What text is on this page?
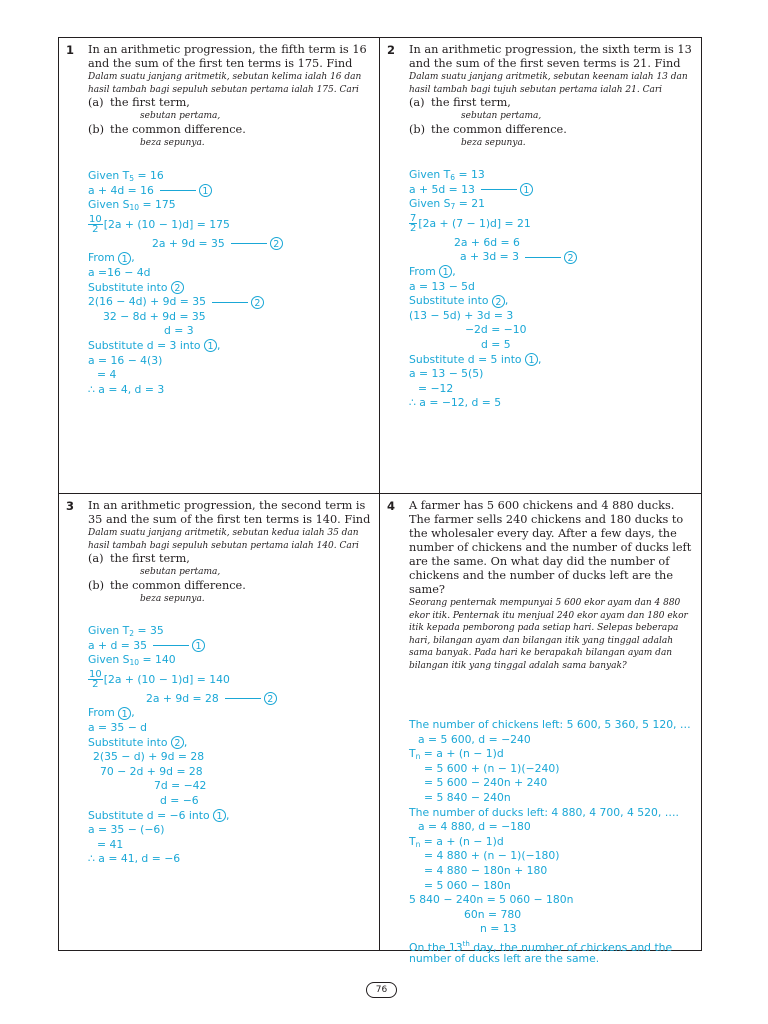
1 In an arithmetic progression, the fifth term is 16 and the sum of the first ten terms is 175. Find

Dalam suatu janjang aritmetik, sebutan kelima ialah 16 dan hasil tambah bagi sepuluh sebutan pertama ialah 175. Cari

(a) the first term,

sebutan pertama,

(b) the common difference.

beza sepunya.

Given $T_5 = 16$
a + 4d = 16	1
Given $S_{10} = 175$
$\frac{10}{2} [2a + (10 - 1)d] = 175$
2a + 9d = 35	2
From 1 ,
a =16 − 4d
Substitute into 2
2(16 − 4d) + 9d = 35	2
32 − 8d + 9d = 35
d = 3
Substitute d = 3 into 1 ,
a = 16 − 4(3)
= 4
∴ a = 4, d = 3
2 In an arithmetic progression, the sixth term is 13 and the sum of the first seven terms is 21. Find

Dalam suatu janjang aritmetik, sebutan keenam ialah 13 dan hasil tambah bagi tujuh sebutan pertama ialah 21. Cari

(a) the first term,

sebutan pertama,

(b) the common difference.

beza sepunya.

Given $T_6 = 13$
a + 5d = 13	1
Given $S_7 = 21$
$\frac{7}{2} [2a + (7 - 1)d] = 21$
2a + 6d = 6
a + 3d = 3	2
From 1 ,
a = 13 − 5d
Substitute into 2 ,
(13 − 5d) + 3d = 3
−2d = −10
d = 5
Substitute d = 5 into 1 ,
a = 13 − 5(5)
= −12
∴ a = −12, d = 5
3 In an arithmetic progression, the second term is 35 and the sum of the first ten terms is 140. Find

Dalam suatu janjang aritmetik, sebutan kedua ialah 35 dan hasil tambah bagi sepuluh sebutan pertama ialah 140. Cari

(a) the first term,

sebutan pertama,

(b) the common difference.

beza sepunya.

Given $T_2 = 35$
a + d = 35	1
Given $S_{10} = 140$
$\frac{10}{2} [2a + (10 - 1)d] = 140$
2a + 9d = 28	2
From 1 ,
a = 35 − d
Substitute into 2 ,
2(35 − d) + 9d = 28
70 − 2d + 9d = 28
7d = −42
d = −6
Substitute d = −6 into 1 ,
a = 35 − (−6)
= 41
∴ a = 41, d = −6
4 A farmer has 5 600 chickens and 4 880 ducks. The farmer sells 240 chickens and 180 ducks to the wholesaler every day. After a few days, the number of chickens and the number of ducks left are the same. On what day did the number of chickens and the number of ducks left are the same?

Seorang penternak mempunyai 5 600 ekor ayam dan 4 880 ekor itik. Penternak itu menjual 240 ekor ayam dan 180 ekor itik kepada pemborong pada setiap hari. Selepas beberapa hari, bilangan ayam dan bilangan itik yang tinggal adalah sama banyak. Pada hari ke berapakah bilangan ayam dan bilangan itik yang tinggal adalah sama banyak?

The number of chickens left: 5 600, 5 360, 5 120, …
a = 5 600, d = −240
$T_n = a + (n - 1)d$
= 5 600 + (n − 1)(−240)
= 5 600 − 240n + 240
= 5 840 − 240n
The number of ducks left: 4 880, 4 700, 4 520, ….
a = 4 880, d = −180
$T_n = a + (n - 1)d$
= 4 880 + (n − 1)(−180)
= 4 880 − 180n + 180
= 5 060 − 180n
5 840 − 240n = 5 060 − 180n
60n = 780
n = 13
On the 13th day, the number of chickens and the
number of ducks left are the same.
76
